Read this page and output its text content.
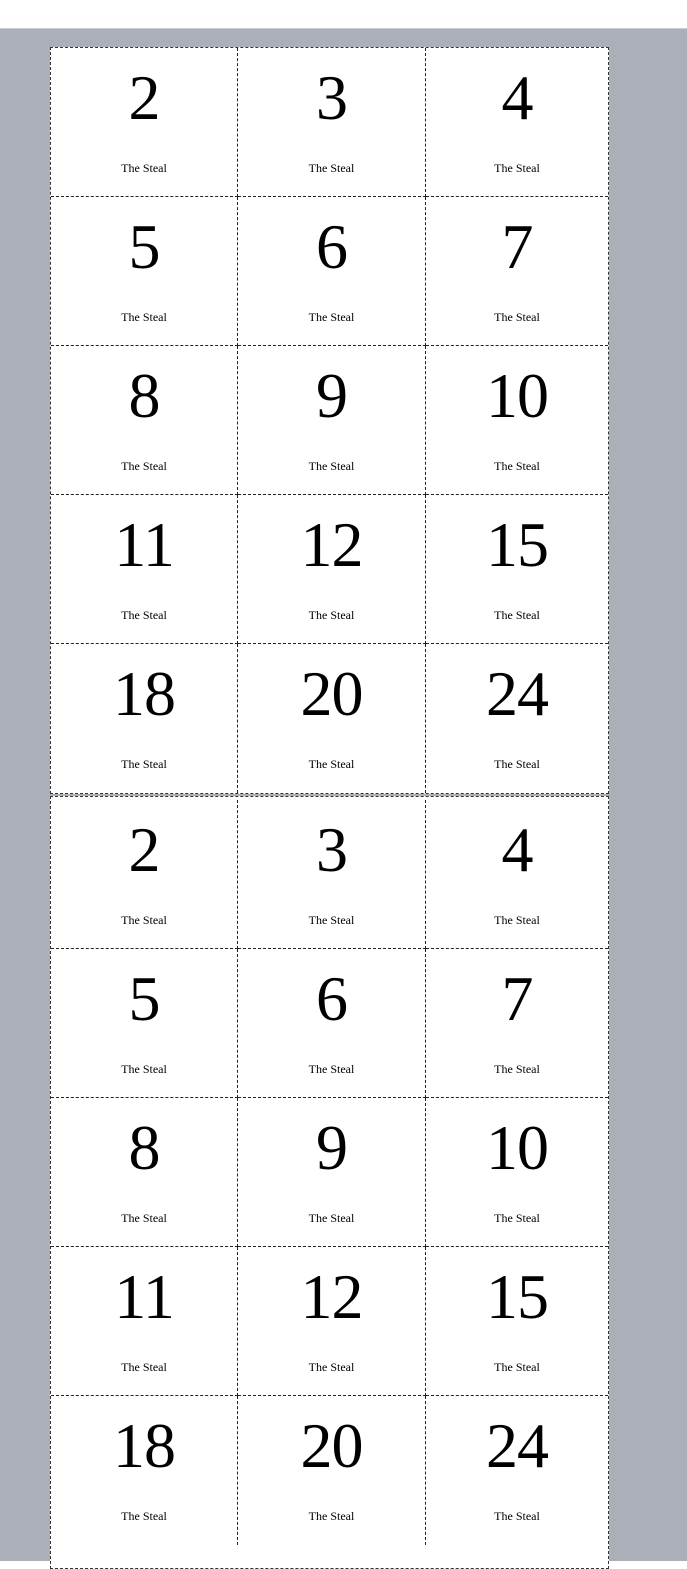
2
The Steal
3
The Steal
4
The Steal
5
The Steal
6
The Steal
7
The Steal
8
The Steal
9
The Steal
10
The Steal
11
The Steal
12
The Steal
15
The Steal
18
The Steal
20
The Steal
24
The Steal
2
The Steal
3
The Steal
4
The Steal
5
The Steal
6
The Steal
7
The Steal
8
The Steal
9
The Steal
10
The Steal
11
The Steal
12
The Steal
15
The Steal
18
The Steal
20
The Steal
24
The Steal
